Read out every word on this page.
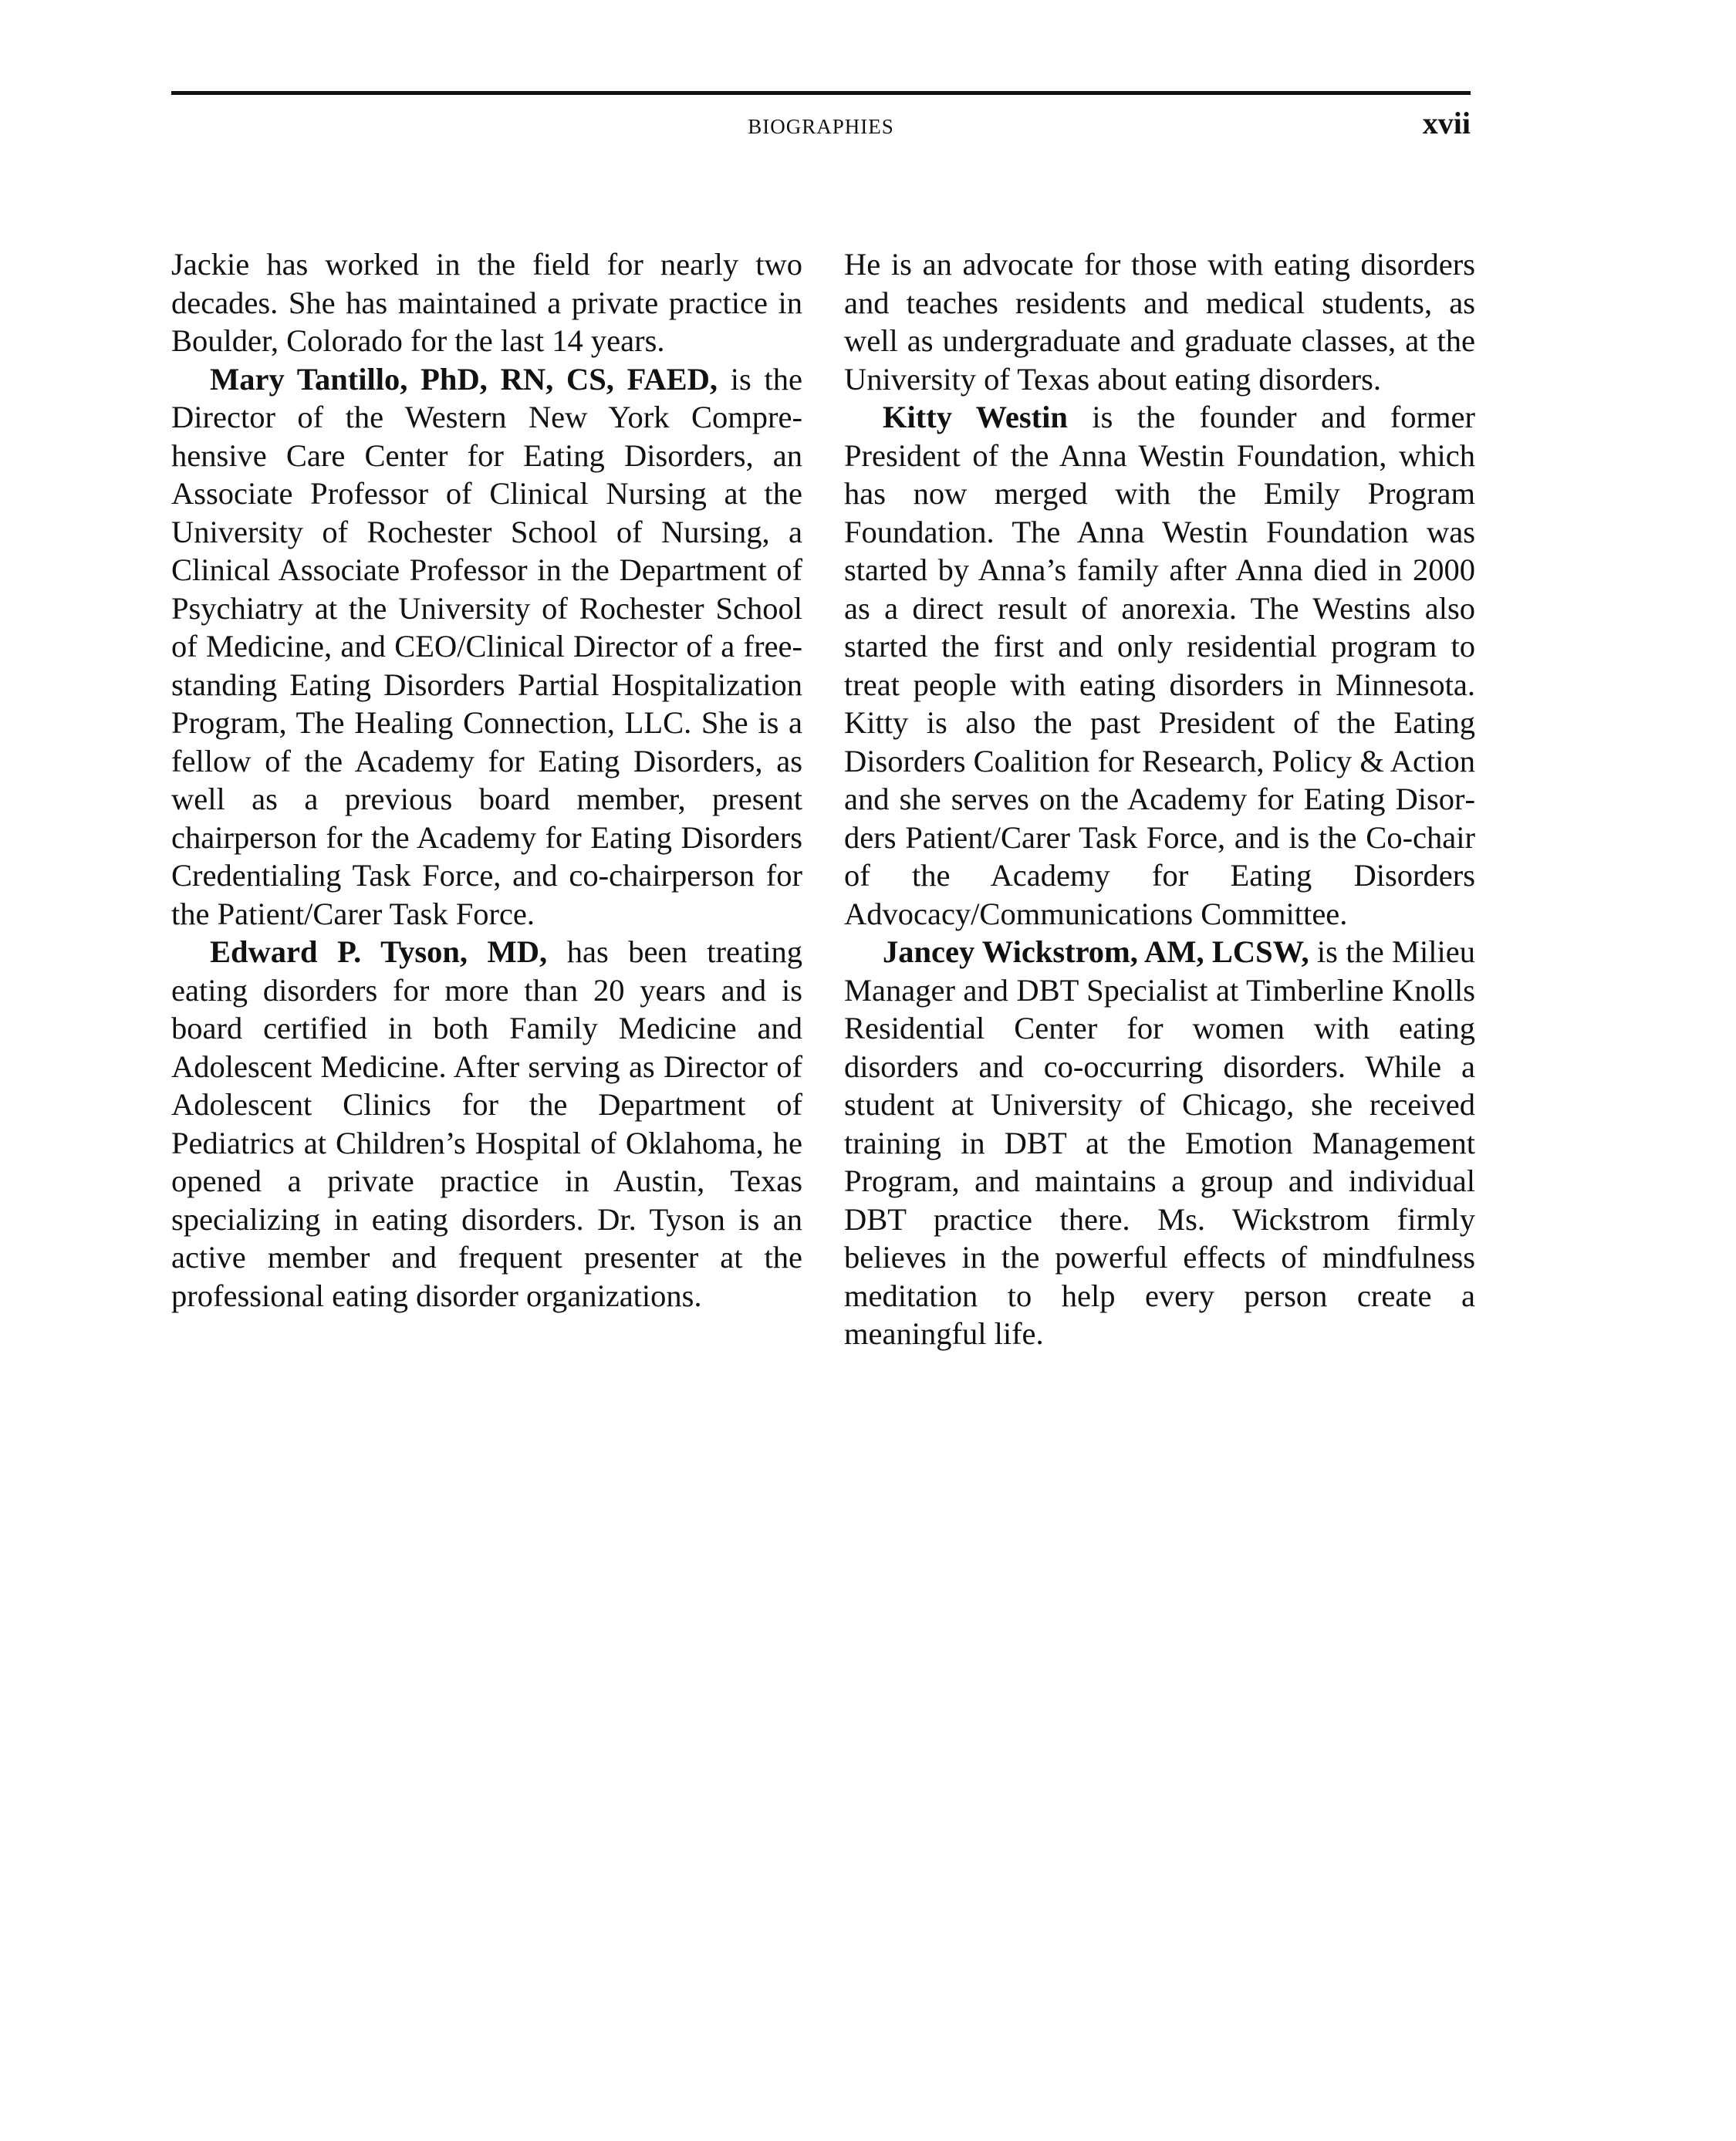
BIOGRAPHIES	xvii

Jackie has worked in the field for nearly two decades. She has maintained a private practice in Boulder, Colorado for the last 14 years.

Mary Tantillo, PhD, RN, CS, FAED, is the Director of the Western New York Comprehensive Care Center for Eating Disorders, an Associate Professor of Clinical Nursing at the University of Rochester School of Nursing, a Clinical Associate Professor in the Department of Psychiatry at the University of Rochester School of Medicine, and CEO/Clinical Director of a free-standing Eating Disorders Partial Hospitalization Program, The Healing Connection, LLC. She is a fellow of the Academy for Eating Disorders, as well as a previous board member, present chairperson for the Academy for Eating Disorders Credentialing Task Force, and co-chairperson for the Patient/Carer Task Force.

Edward P. Tyson, MD, has been treating eating disorders for more than 20 years and is board certified in both Family Medicine and Adolescent Medicine. After serving as Director of Adolescent Clinics for the Department of Pediatrics at Children’s Hospital of Oklahoma, he opened a private practice in Austin, Texas specializing in eating disorders. Dr. Tyson is an active member and frequent presenter at the professional eating disorder organizations.

He is an advocate for those with eating disorders and teaches residents and medical students, as well as undergraduate and graduate classes, at the University of Texas about eating disorders.

Kitty Westin is the founder and former President of the Anna Westin Foundation, which has now merged with the Emily Program Foundation. The Anna Westin Foundation was started by Anna’s family after Anna died in 2000 as a direct result of anorexia. The Westins also started the first and only residential program to treat people with eating disorders in Minnesota. Kitty is also the past President of the Eating Disorders Coalition for Research, Policy & Action and she serves on the Academy for Eating Disorders Patient/Carer Task Force, and is the Co-chair of the Academy for Eating Disorders Advocacy/Communications Committee.

Jancey Wickstrom, AM, LCSW, is the Milieu Manager and DBT Specialist at Timberline Knolls Residential Center for women with eating disorders and co-occurring disorders. While a student at University of Chicago, she received training in DBT at the Emotion Management Program, and maintains a group and individual DBT practice there. Ms. Wickstrom firmly believes in the powerful effects of mindfulness meditation to help every person create a meaningful life.
